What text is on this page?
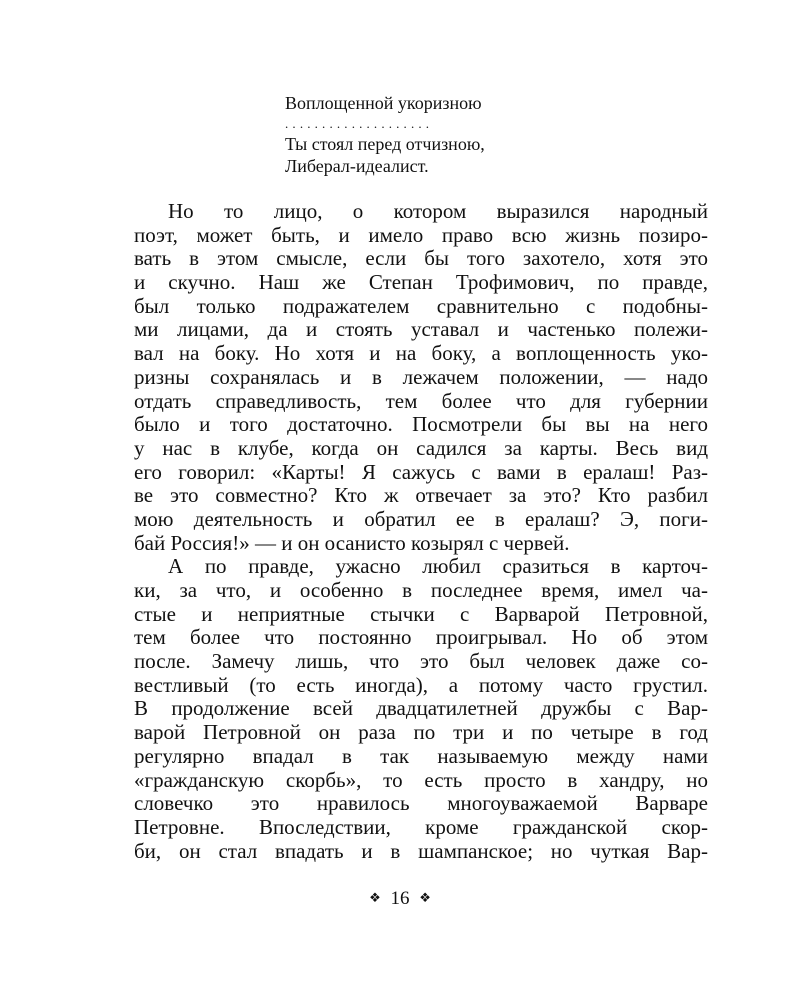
Воплощенной укоризною
....................
Ты стоял перед отчизною,
Либерал-идеалист.
Но то лицо, о котором выразился народный
поэт, может быть, и имело право всю жизнь позиро-
вать в этом смысле, если бы того захотело, хотя это
и скучно. Наш же Степан Трофимович, по правде,
был только подражателем сравнительно с подобны-
ми лицами, да и стоять уставал и частенько полежи-
вал на боку. Но хотя и на боку, а воплощенность уко-
ризны сохранялась и в лежачем положении, — надо
отдать справедливость, тем более что для губернии
было и того достаточно. Посмотрели бы вы на него
у нас в клубе, когда он садился за карты. Весь вид
его говорил: «Карты! Я сажусь с вами в ералаш! Раз-
ве это совместно? Кто ж отвечает за это? Кто разбил
мою деятельность и обратил ее в ералаш? Э, поги-
бай Россия!» — и он осанисто козырял с червей.
А по правде, ужасно любил сразиться в карточ-
ки, за что, и особенно в последнее время, имел ча-
стые и неприятные стычки с Варварой Петровной,
тем более что постоянно проигрывал. Но об этом
после. Замечу лишь, что это был человек даже со-
вестливый (то есть иногда), а потому часто грустил.
В продолжение всей двадцатилетней дружбы с Вар-
варой Петровной он раза по три и по четыре в год
регулярно впадал в так называемую между нами
«гражданскую скорбь», то есть просто в хандру, но
словечко это нравилось многоуважаемой Варваре
Петровне. Впоследствии, кроме гражданской скор-
би, он стал впадать и в шампанское; но чуткая Вар-
❖ 16 ❖
